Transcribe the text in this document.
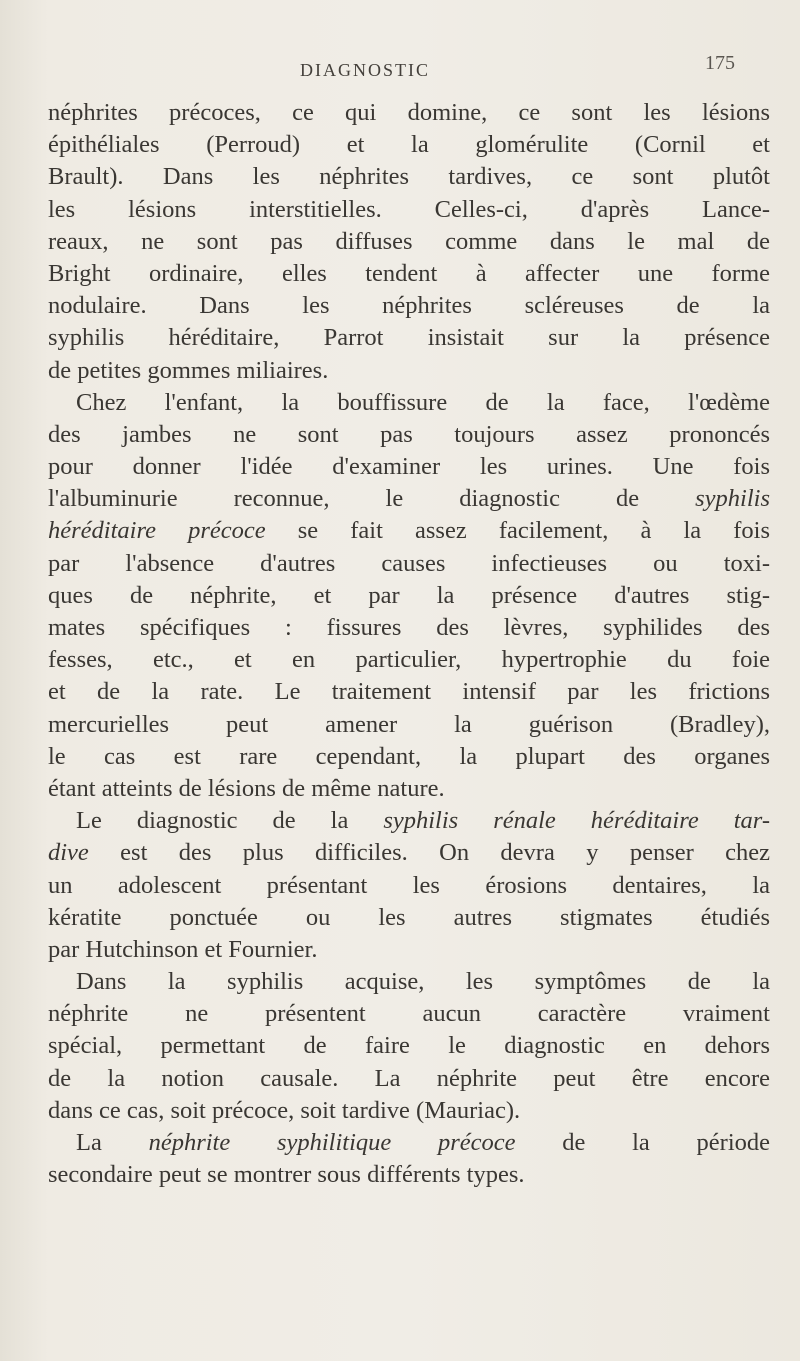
DIAGNOSTIC	175
néphrites précoces, ce qui domine, ce sont les lésions
épithéliales (Perroud) et la glomérulite (Cornil et
Brault). Dans les néphrites tardives, ce sont plutôt
les lésions interstitielles. Celles-ci, d'après Lance-
reaux, ne sont pas diffuses comme dans le mal de
Bright ordinaire, elles tendent à affecter une forme
nodulaire. Dans les néphrites scléreuses de la
syphilis héréditaire, Parrot insistait sur la présence
de petites gommes miliaires.
Chez l'enfant, la bouffissure de la face, l'œdème
des jambes ne sont pas toujours assez prononcés
pour donner l'idée d'examiner les urines. Une fois
l'albuminurie reconnue, le diagnostic de syphilis
héréditaire précoce se fait assez facilement, à la fois
par l'absence d'autres causes infectieuses ou toxi-
ques de néphrite, et par la présence d'autres stig-
mates spécifiques : fissures des lèvres, syphilides des
fesses, etc., et en particulier, hypertrophie du foie
et de la rate. Le traitement intensif par les frictions
mercurielles peut amener la guérison (Bradley),
le cas est rare cependant, la plupart des organes
étant atteints de lésions de même nature.
Le diagnostic de la syphilis rénale héréditaire tar-
dive est des plus difficiles. On devra y penser chez
un adolescent présentant les érosions dentaires, la
kératite ponctuée ou les autres stigmates étudiés
par Hutchinson et Fournier.
Dans la syphilis acquise, les symptômes de la
néphrite ne présentent aucun caractère vraiment
spécial, permettant de faire le diagnostic en dehors
de la notion causale. La néphrite peut être encore
dans ce cas, soit précoce, soit tardive (Mauriac).
La néphrite syphilitique précoce de la période
secondaire peut se montrer sous différents types.
